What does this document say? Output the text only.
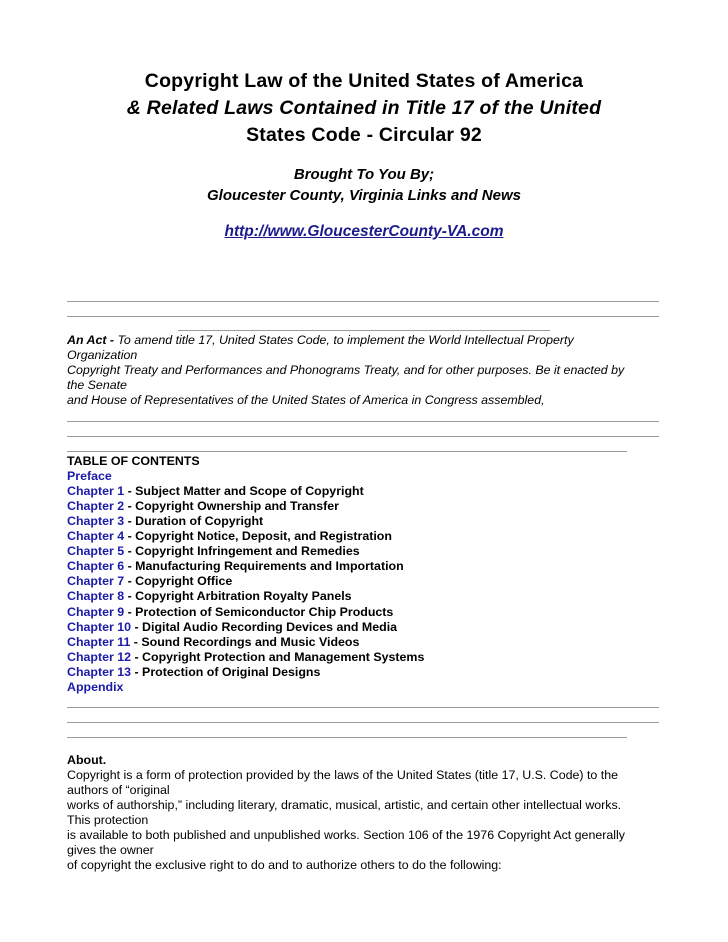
Copyright Law of the United States of America
& Related Laws Contained in Title 17 of the United
States Code - Circular 92
Brought To You By;
Gloucester County, Virginia Links and News
http://www.GloucesterCounty-VA.com
An Act - To amend title 17, United States Code, to implement the World Intellectual Property
Organization
Copyright Treaty and Performances and Phonograms Treaty, and for other purposes. Be it enacted by
the Senate
and House of Representatives of the United States of America in Congress assembled,
TABLE OF CONTENTS
Preface
Chapter 1 - Subject Matter and Scope of Copyright
Chapter 2 - Copyright Ownership and Transfer
Chapter 3 - Duration of Copyright
Chapter 4 - Copyright Notice, Deposit, and Registration
Chapter 5 - Copyright Infringement and Remedies
Chapter 6 - Manufacturing Requirements and Importation
Chapter 7 - Copyright Office
Chapter 8 - Copyright Arbitration Royalty Panels
Chapter 9 - Protection of Semiconductor Chip Products
Chapter 10 - Digital Audio Recording Devices and Media
Chapter 11 - Sound Recordings and Music Videos
Chapter 12 - Copyright Protection and Management Systems
Chapter 13 - Protection of Original Designs
Appendix
About.
Copyright is a form of protection provided by the laws of the United States (title 17, U.S. Code) to the
authors of “original
works of authorship,” including literary, dramatic, musical, artistic, and certain other intellectual works.
This protection
is available to both published and unpublished works. Section 106 of the 1976 Copyright Act generally
gives the owner
of copyright the exclusive right to do and to authorize others to do the following:
